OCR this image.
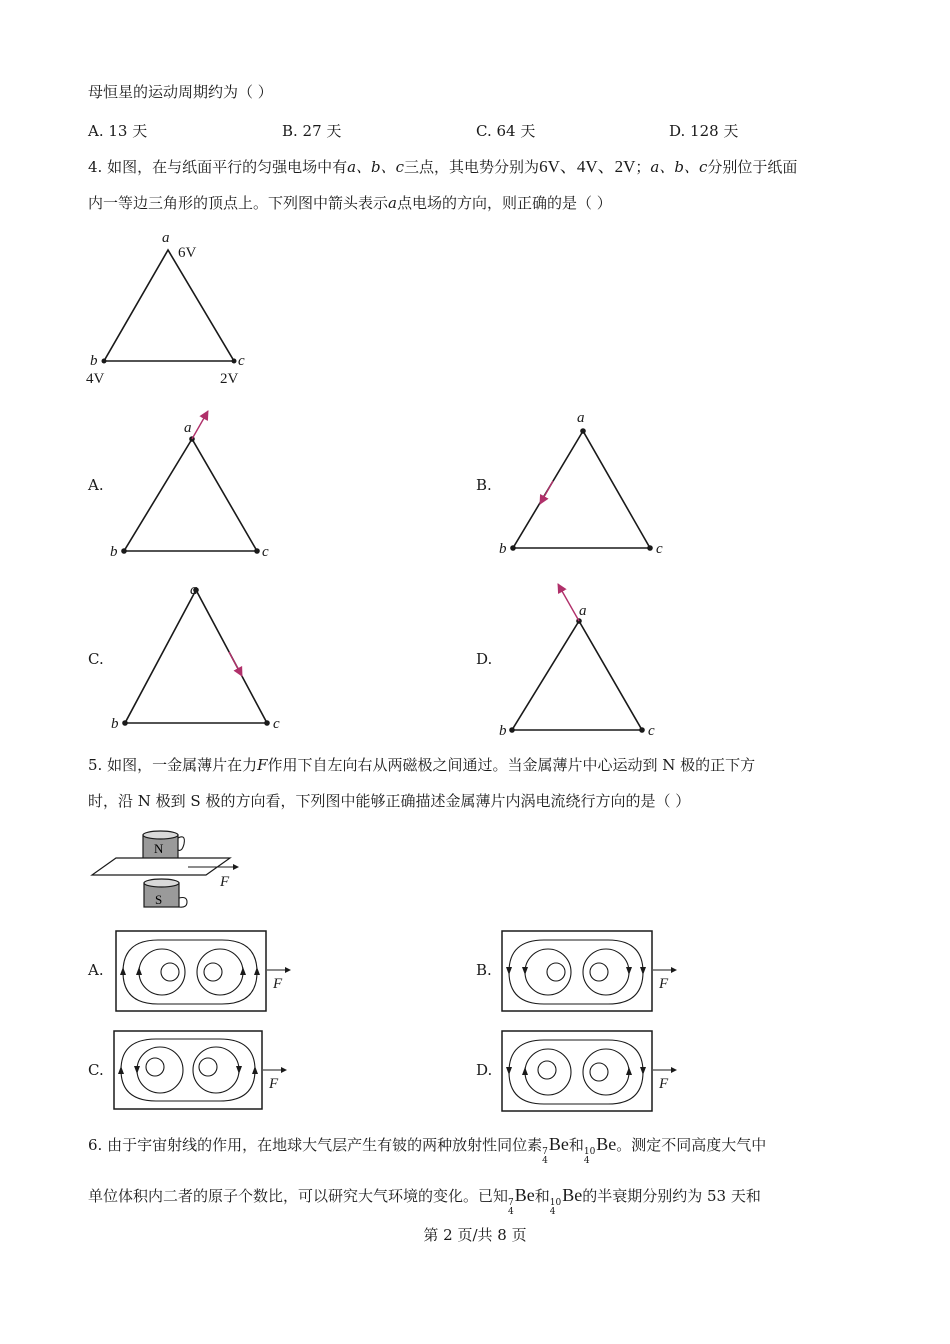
母恒星的运动周期约为（ ）
A. 13 天	B. 27 天	C. 64 天	D. 128 天
4. 如图，在与纸面平行的匀强电场中有a、b、c三点，其电势分别为6V、4V、2V；a、b、c分别位于纸面
内一等边三角形的顶点上。下列图中箭头表示a点电场的方向，则正确的是（ ）
a
6V
b	c
4V	2V
A.
a
b	c
B.
a
b	c
C.
a
b	c
D.
a
b	c
5. 如图，一金属薄片在力F作用下自左向右从两磁极之间通过。当金属薄片中心运动到 N 极的正下方
时，沿 N 极到 S 极的方向看，下列图中能够正确描述金属薄片内涡电流绕行方向的是（ ）
N
F
S
A.
F
B.
F
C.
F
D.
F
6. 由于宇宙射线的作用，在地球大气层产生有铍的两种放射性同位素 7
4
Be和 10
4
Be。测定不同高度大气中
单位体积内二者的原子个数比，可以研究大气环境的变化。已知 7
4
Be和 10
4
Be的半衰期分别约为 53 天和
第 2 页/共 8 页
